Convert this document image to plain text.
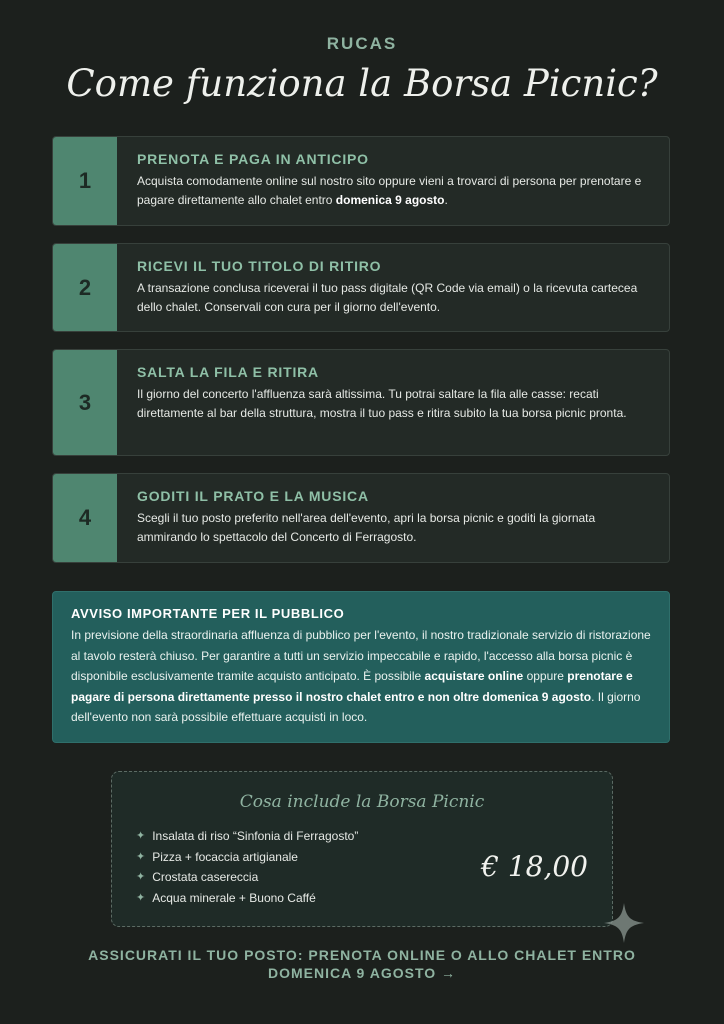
RUCAS
Come funziona la Borsa Picnic?
1
PRENOTA E PAGA IN ANTICIPO
Acquista comodamente online sul nostro sito oppure vieni a trovarci di persona per prenotare e pagare direttamente allo chalet entro domenica 9 agosto.
2
RICEVI IL TUO TITOLO DI RITIRO
A transazione conclusa riceverai il tuo pass digitale (QR Code via email) o la ricevuta cartecea dello chalet. Conservali con cura per il giorno dell'evento.
3
SALTA LA FILA E RITIRA
Il giorno del concerto l'affluenza sarà altissima. Tu potrai saltare la fila alle casse: recati direttamente al bar della struttura, mostra il tuo pass e ritira subito la tua borsa picnic pronta.
4
GODITI IL PRATO E LA MUSICA
Scegli il tuo posto preferito nell'area dell'evento, apri la borsa picnic e goditi la giornata ammirando lo spettacolo del Concerto di Ferragosto.
AVVISO IMPORTANTE PER IL PUBBLICO
In previsione della straordinaria affluenza di pubblico per l'evento, il nostro tradizionale servizio di ristorazione al tavolo resterà chiuso. Per garantire a tutti un servizio impeccabile e rapido, l'accesso alla borsa picnic è disponibile esclusivamente tramite acquisto anticipato. È possibile acquistare online oppure prenotare e pagare di persona direttamente presso il nostro chalet entro e non oltre domenica 9 agosto. Il giorno dell'evento non sarà possibile effettuare acquisti in loco.
Cosa include la Borsa Picnic
✦ Insalata di riso “Sinfonia di Ferragosto”
✦ Pizza + focaccia artigianale
✦ Crostata casereccia
✦ Acqua minerale + Buono Caffé
€ 18,00
ASSICURATI IL TUO POSTO: PRENOTA ONLINE O ALLO CHALET ENTRO DOMENICA 9 AGOSTO →
